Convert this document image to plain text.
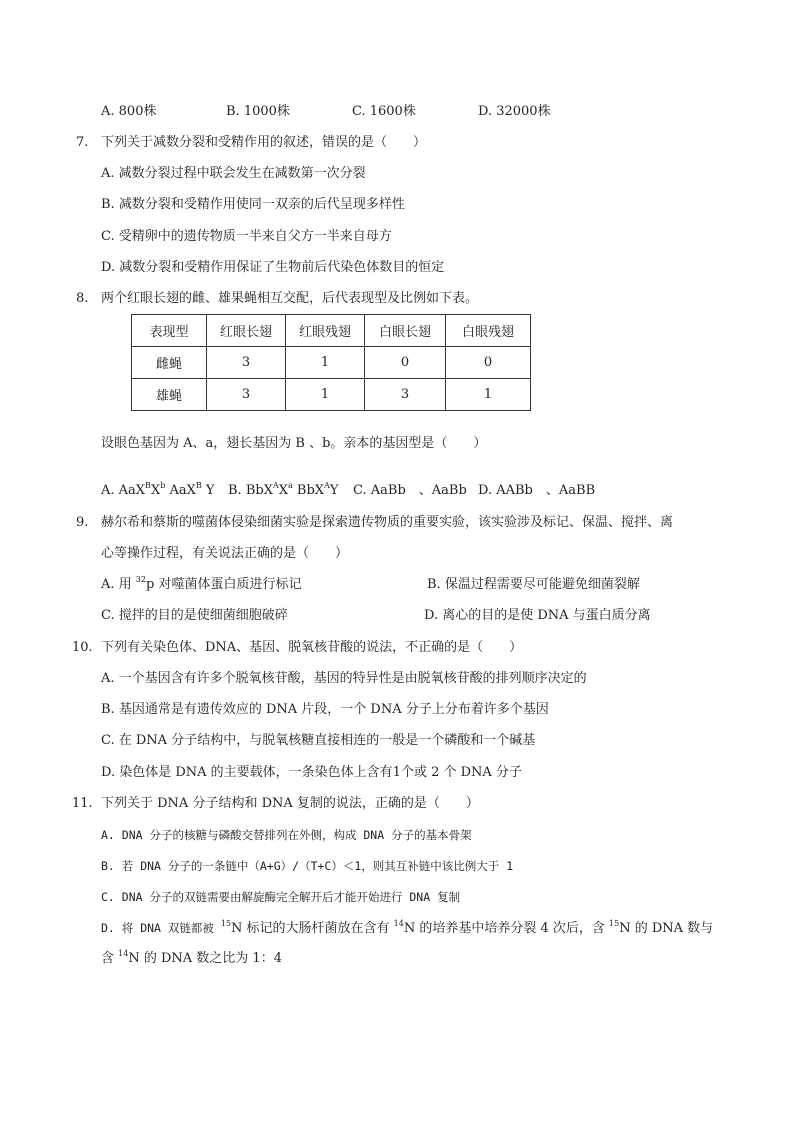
A. 800株	B. 1000株	C. 1600株	D. 32000株
7. 下列关于减数分裂和受精作用的叙述，错误的是（　　）
A. 减数分裂过程中联会发生在减数第一次分裂
B. 减数分裂和受精作用使同一双亲的后代呈现多样性
C. 受精卵中的遗传物质一半来自父方一半来自母方
D. 减数分裂和受精作用保证了生物前后代染色体数目的恒定
8. 两个红眼长翅的雌、雄果蝇相互交配，后代表现型及比例如下表。
表现型	红眼长翅	红眼残翅	白眼长翅	白眼残翅
雌蝇	3	1	0	0
雄蝇	3	1	3	1
设眼色基因为 A、a，翅长基因为 B 、b。亲本的基因型是（　　）
A. $AaX^BX^b$ AaX$^B$ Y B. $BbX^AX^a$ BbX$^A$Y C. AaBb　、AaBb D. AABb　、AaBB
9. 赫尔希和蔡斯的噬菌体侵染细菌实验是探索遗传物质的重要实验，该实验涉及标记、保温、搅拌、离
心等操作过程，有关说法正确的是（　　）
A. 用 $^{32}$p 对噬菌体蛋白质进行标记	B. 保温过程需要尽可能避免细菌裂解
C. 搅拌的目的是使细菌细胞破碎	D. 离心的目的是使 DNA 与蛋白质分离
10. 下列有关染色体、DNA、基因、脱氧核苷酸的说法，不正确的是（　　）
A. 一个基因含有许多个脱氧核苷酸，基因的特异性是由脱氧核苷酸的排列顺序决定的
B. 基因通常是有遗传效应的 DNA 片段，一个 DNA 分子上分布着许多个基因
C. 在 DNA 分子结构中，与脱氧核糖直接相连的一般是一个磷酸和一个碱基
D. 染色体是 DNA 的主要载体，一条染色体上含有1个或 2 个 DNA 分子
11. 下列关于 DNA 分子结构和 DNA 复制的说法，正确的是（　　）
A. DNA 分子的核糖与磷酸交替排列在外侧，构成 DNA 分子的基本骨架
B. 若 DNA 分子的一条链中（A+G）/（T+C）＜1，则其互补链中该比例大于 1
C. DNA 分子的双链需要由解旋酶完全解开后才能开始进行 DNA 复制
D. 将 DNA 双链都被 $^{15}$N 标记的大肠杆菌放在含有 $^{14}$N 的培养基中培养分裂 4 次后，含 $^{15}$N 的 DNA 数与
含 $^{14}$N 的 DNA 数之比为 1：4
